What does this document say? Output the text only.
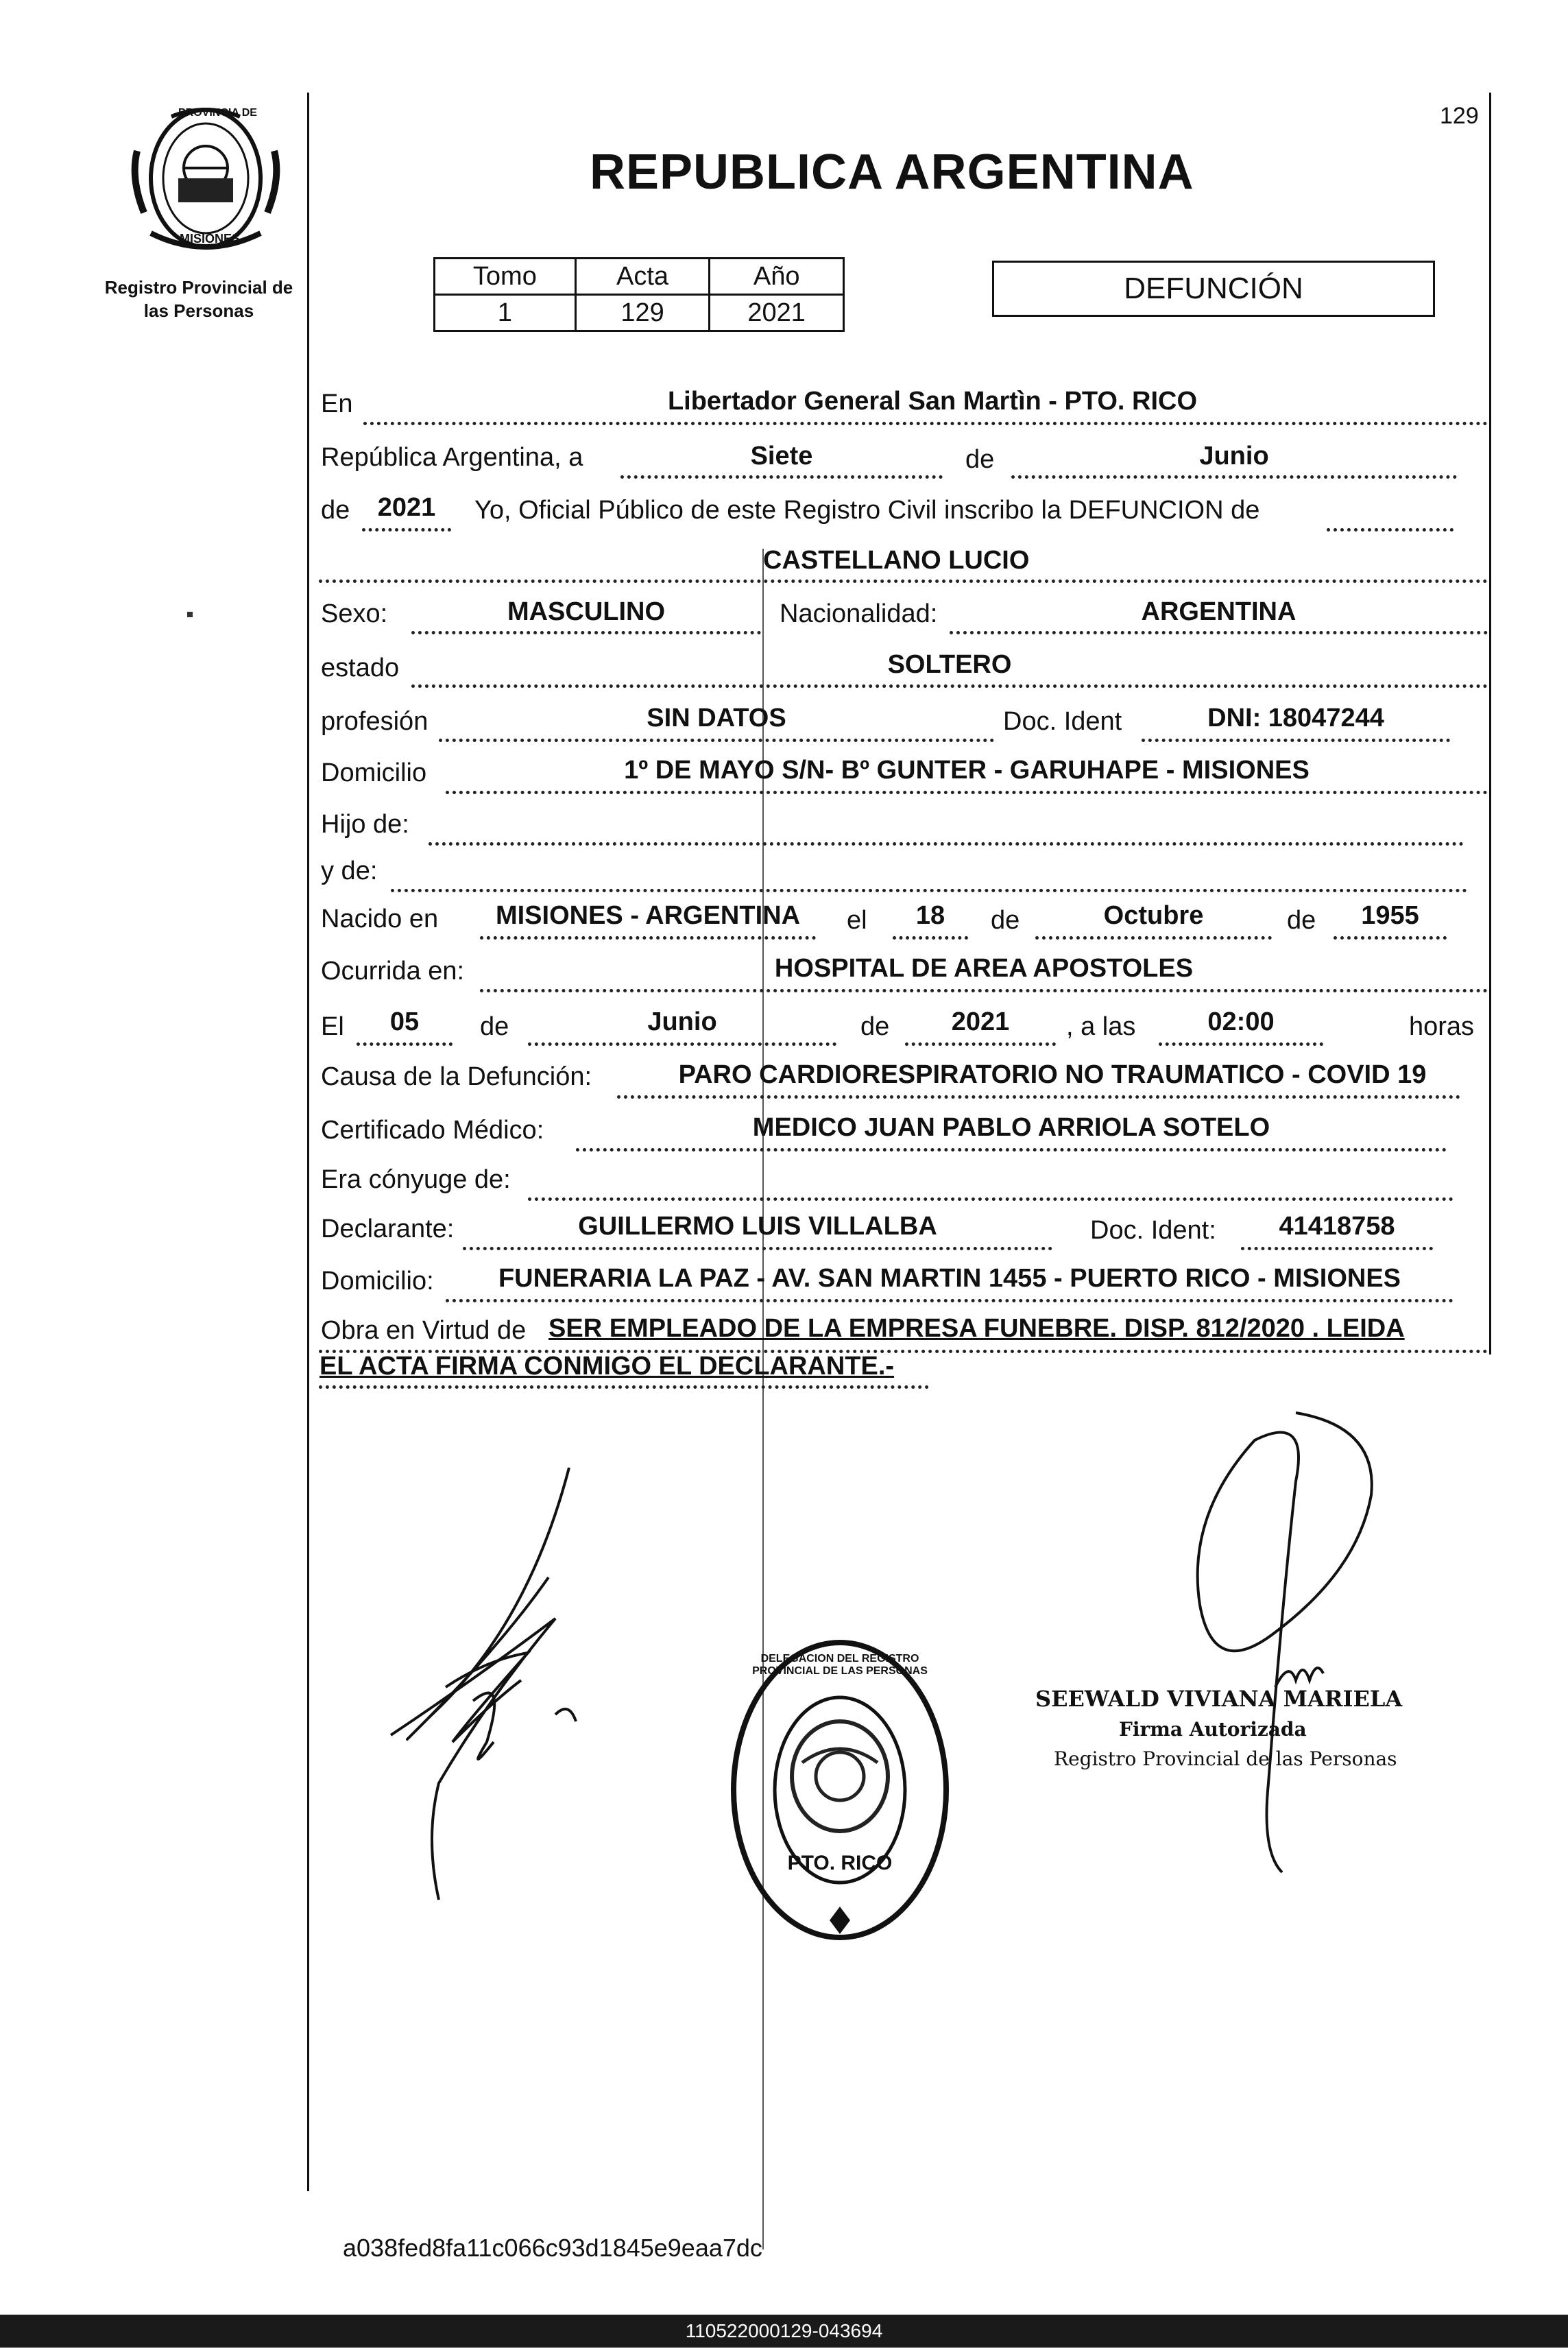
PROVINCIA DE
MISIONES
Registro Provincial de las Personas
129
REPUBLICA ARGENTINA
Tomo	Acta	Año
1	129	2021
DEFUNCIÓN
En	Libertador General San Martìn - PTO. RICO
República Argentina, a	Siete	de	Junio
de	2021	Yo, Oficial Público de este Registro Civil inscribo la DEFUNCION de
CASTELLANO LUCIO
Sexo:	MASCULINO	Nacionalidad:	ARGENTINA
estado	SOLTERO
profesión	SIN DATOS	Doc. Ident	DNI: 18047244
Domicilio	1º DE MAYO S/N- Bº GUNTER - GARUHAPE - MISIONES
Hijo de:
y de:
Nacido en	MISIONES - ARGENTINA	el	18	de	Octubre	de	1955
Ocurrida en:	HOSPITAL DE AREA APOSTOLES
El	05	de	Junio	de	2021	, a las	02:00	horas
Causa de la Defunción:	PARO CARDIORESPIRATORIO NO TRAUMATICO - COVID 19
Certificado Médico:	MEDICO JUAN PABLO ARRIOLA SOTELO
Era cónyuge de:
Declarante:	GUILLERMO LUIS VILLALBA	Doc. Ident:	41418758
Domicilio:	FUNERARIA LA PAZ - AV. SAN MARTIN 1455 - PUERTO RICO - MISIONES
Obra en Virtud de SER EMPLEADO DE LA EMPRESA FUNEBRE. DISP. 812/2020 . LEIDA
EL ACTA FIRMA CONMIGO EL DECLARANTE.-
DELEGACION DEL REGISTRO PROVINCIAL DE LAS PERSONAS
PTO. RICO
SEEWALD VIVIANA MARIELA
Firma Autorizada
Registro Provincial de las Personas
a038fed8fa11c066c93d1845e9eaa7dc
110522000129-043694
